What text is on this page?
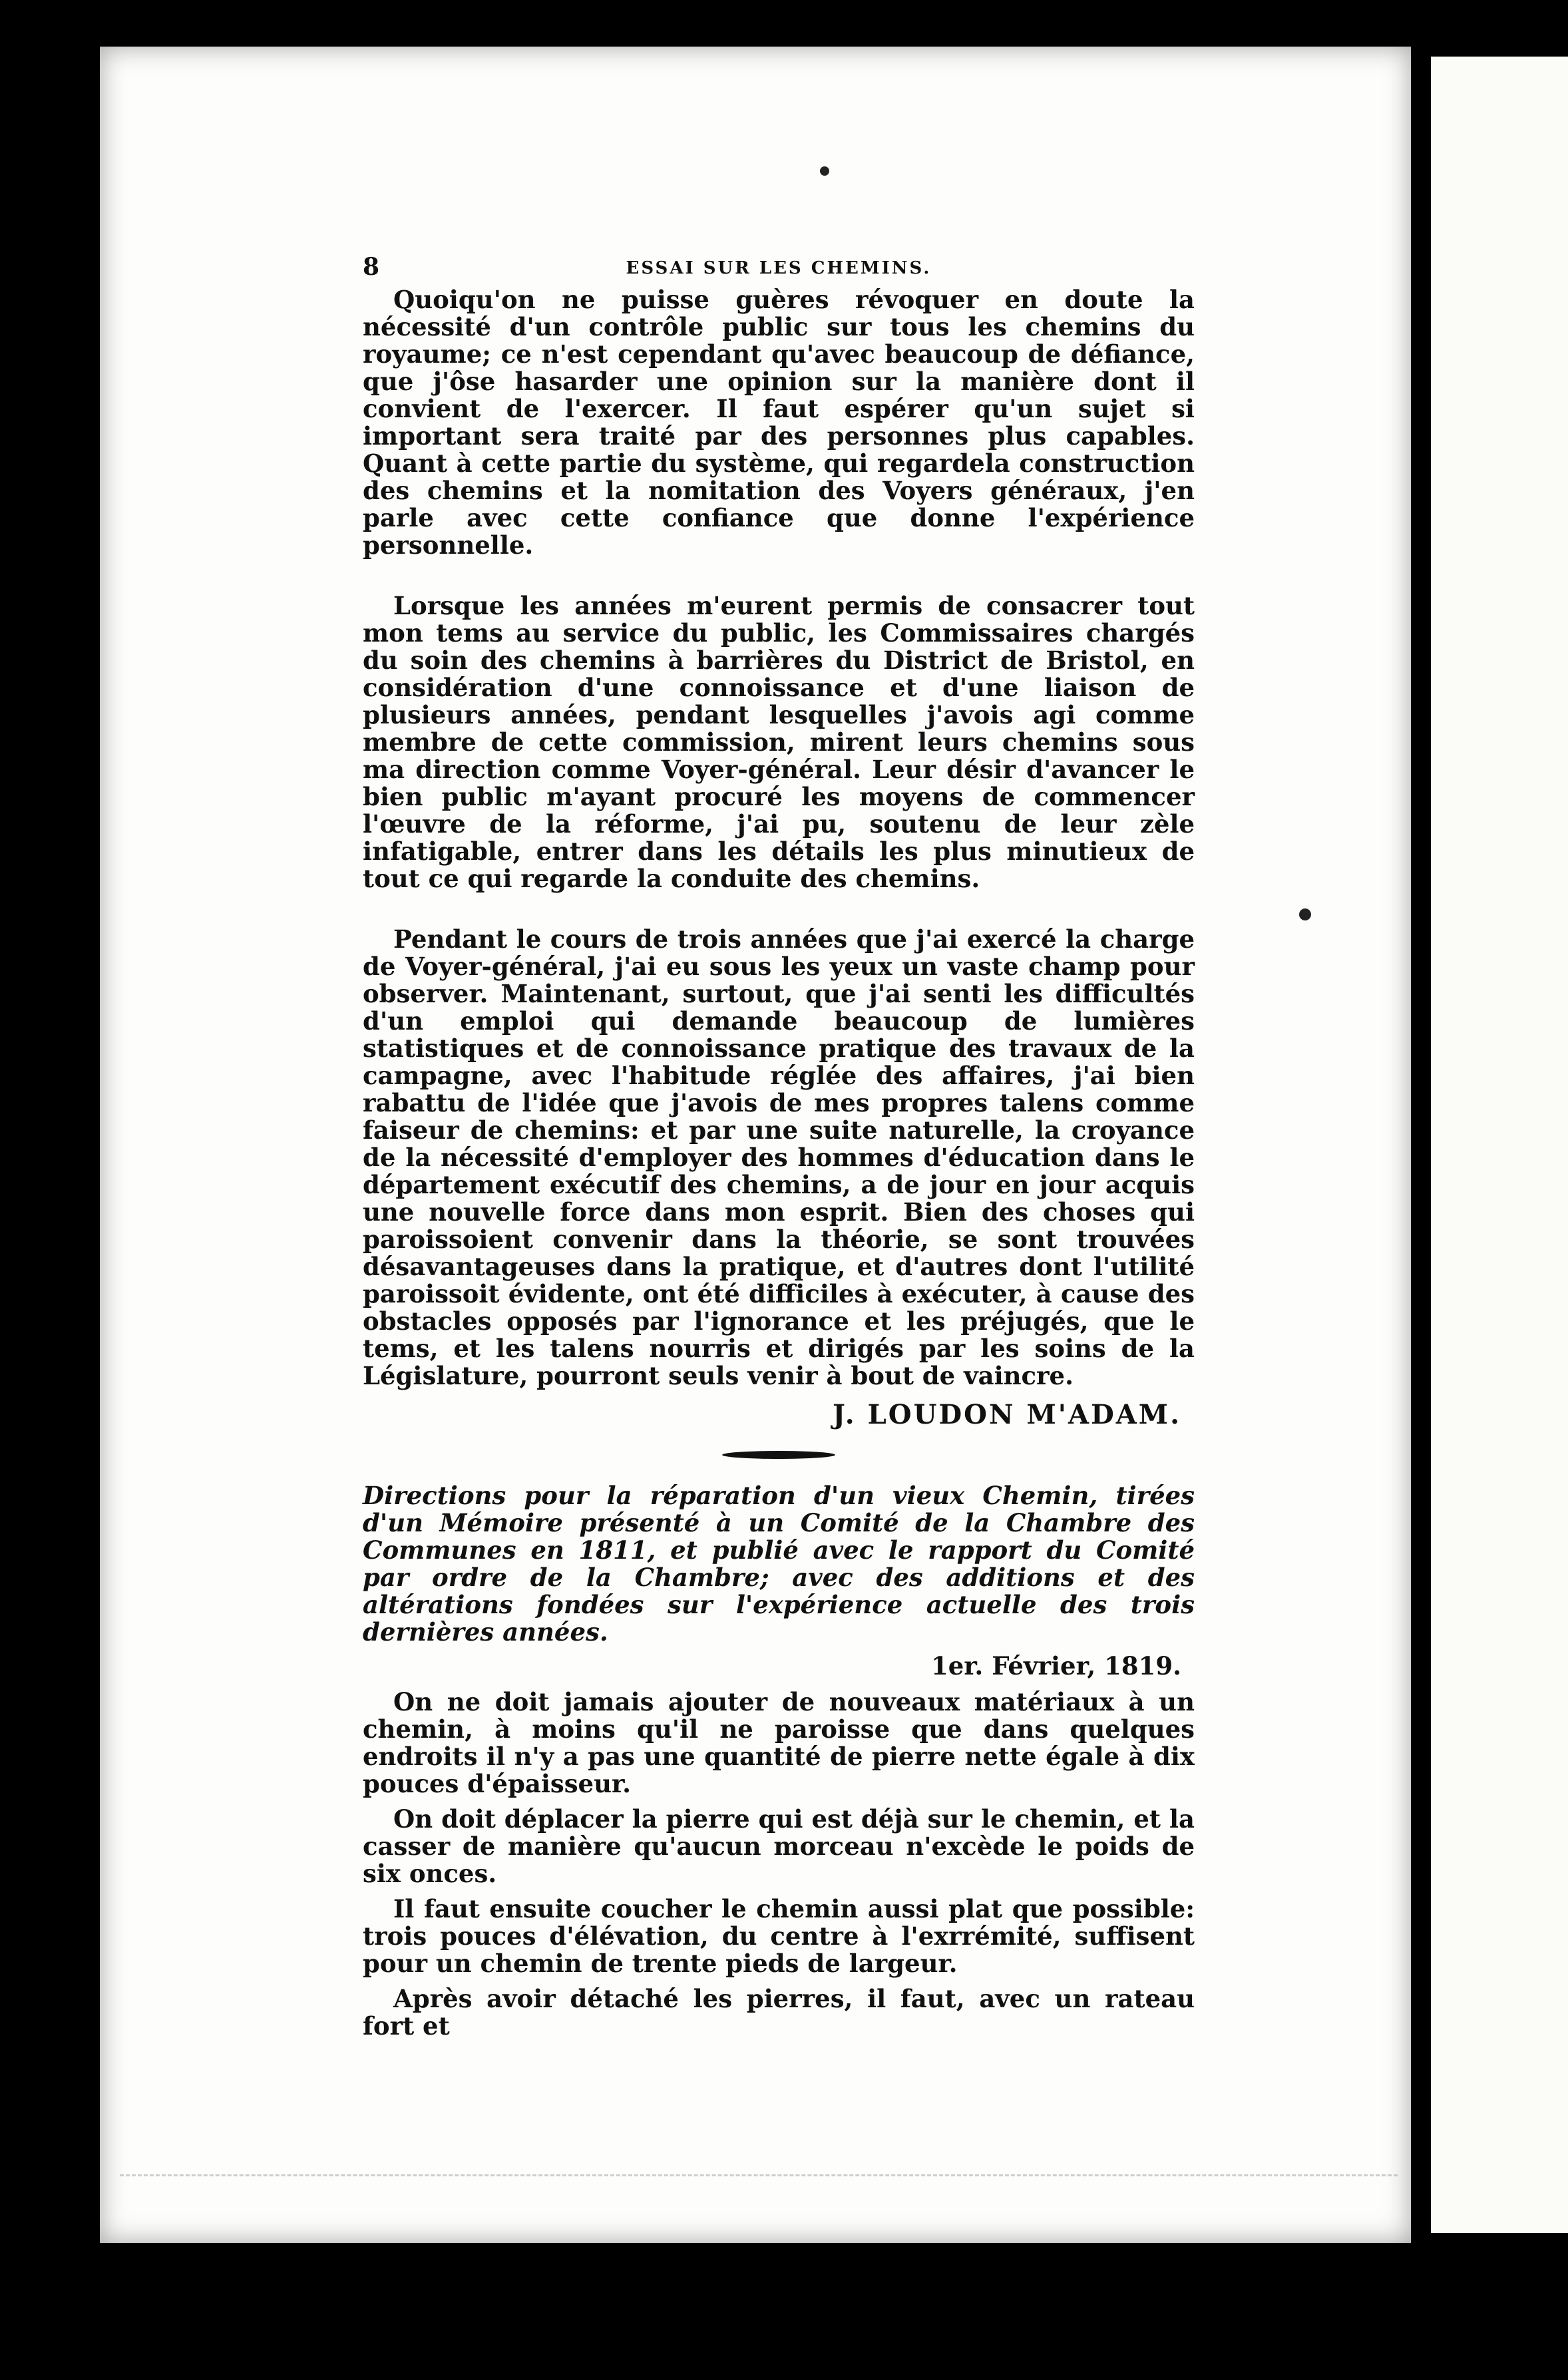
8	ESSAI SUR LES CHEMINS.

Quoiqu'on ne puisse guères révoquer en doute la nécessité d'un contrôle public sur tous les chemins du royaume; ce n'est cependant qu'avec beaucoup de défiance, que j'ôse hasarder une opinion sur la manière dont il convient de l'exercer. Il faut espérer qu'un sujet si important sera traité par des personnes plus capables. Quant à cette partie du système, qui regardela construction des chemins et la nomitation des Voyers généraux, j'en parle avec cette confiance que donne l'expérience personnelle.

Lorsque les années m'eurent permis de consacrer tout mon tems au service du public, les Commissaires chargés du soin des chemins à barrières du District de Bristol, en considération d'une connoissance et d'une liaison de plusieurs années, pendant lesquelles j'avois agi comme membre de cette commission, mirent leurs chemins sous ma direction comme Voyer-général. Leur désir d'avancer le bien public m'ayant procuré les moyens de commencer l'œuvre de la réforme, j'ai pu, soutenu de leur zèle infatigable, entrer dans les détails les plus minutieux de tout ce qui regarde la conduite des chemins.

Pendant le cours de trois années que j'ai exercé la charge de Voyer-général, j'ai eu sous les yeux un vaste champ pour observer. Maintenant, surtout, que j'ai senti les difficultés d'un emploi qui demande beaucoup de lumières statistiques et de connoissance pratique des travaux de la campagne, avec l'habitude réglée des affaires, j'ai bien rabattu de l'idée que j'avois de mes propres talens comme faiseur de chemins: et par une suite naturelle, la croyance de la nécessité d'employer des hommes d'éducation dans le département exécutif des chemins, a de jour en jour acquis une nouvelle force dans mon esprit. Bien des choses qui paroissoient convenir dans la théorie, se sont trouvées désavantageuses dans la pratique, et d'autres dont l'utilité paroissoit évidente, ont été difficiles à exécuter, à cause des obstacles opposés par l'ignorance et les préjugés, que le tems, et les talens nourris et dirigés par les soins de la Législature, pourront seuls venir à bout de vaincre.

J. LOUDON M'ADAM.
Directions pour la réparation d'un vieux Chemin, tirées d'un Mémoire présenté à un Comité de la Chambre des Communes en 1811, et publié avec le rapport du Comité par ordre de la Chambre; avec des additions et des altérations fondées sur l'expérience actuelle des trois dernières années.
1er. Février, 1819.

On ne doit jamais ajouter de nouveaux matériaux à un chemin, à moins qu'il ne paroisse que dans quelques endroits il n'y a pas une quantité de pierre nette égale à dix pouces d'épaisseur.

On doit déplacer la pierre qui est déjà sur le chemin, et la casser de manière qu'aucun morceau n'excède le poids de six onces.

Il faut ensuite coucher le chemin aussi plat que possible: trois pouces d'élévation, du centre à l'exrrémité, suffisent pour un chemin de trente pieds de largeur.

Après avoir détaché les pierres, il faut, avec un rateau fort et
